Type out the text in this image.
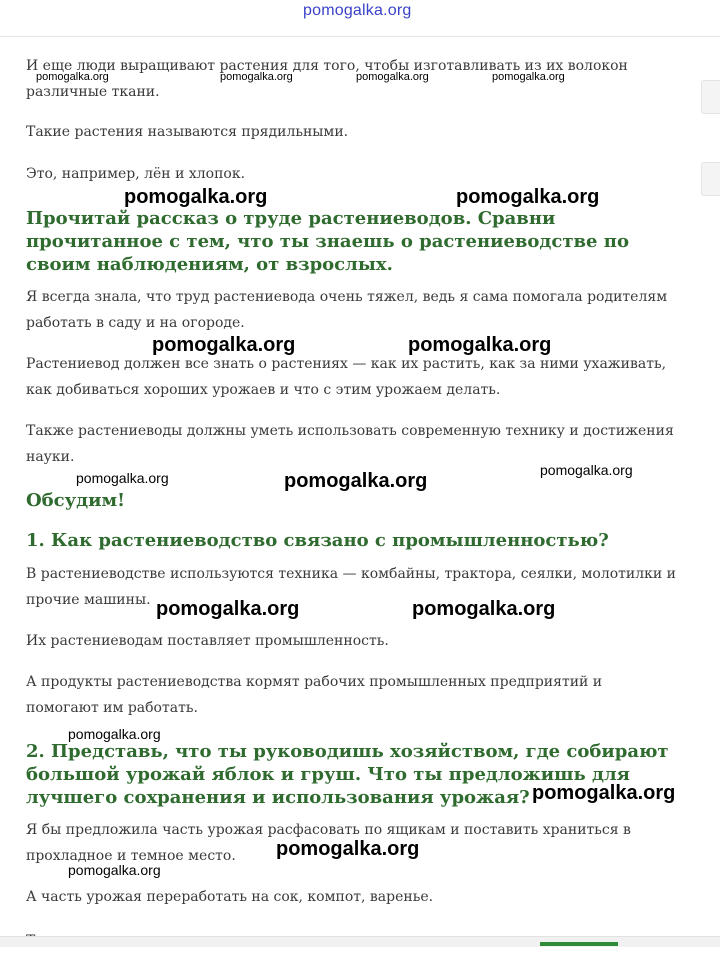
pomogalka.org

И еще люди выращивают растения для того, чтобы изготавливать из их волокон различные ткани.

Такие растения называются прядильными.

Это, например, лён и хлопок.

Прочитай рассказ о труде растениеводов. Сравни прочитанное с тем, что ты знаешь о растениеводстве по своим наблюдениям, от взрослых.

Я всегда знала, что труд растениевода очень тяжел, ведь я сама помогала родителям работать в саду и на огороде.

Растениевод должен все знать о растениях — как их растить, как за ними ухаживать, как добиваться хороших урожаев и что с этим урожаем делать.

Также растениеводы должны уметь использовать современную технику и достижения науки.

Обсудим!
1. Как растениеводство связано с промышленностью?

В растениеводстве используются техника — комбайны, трактора, сеялки, молотилки и прочие машины.

Их растениеводам поставляет промышленность.

А продукты растениеводства кормят рабочих промышленных предприятий и помогают им работать.

2. Представь, что ты руководишь хозяйством, где собирают большой урожай яблок и груш. Что ты предложишь для лучшего сохранения и использования урожая?

Я бы предложила часть урожая расфасовать по ящикам и поставить храниться в прохладное и темное место.

А часть урожая переработать на сок, компот, варенье.

pomogalka.org	pomogalka.org	pomogalka.org	pomogalka.org
pomogalka.org	pomogalka.org
pomogalka.org	pomogalka.org
pomogalka.org	pomogalka.org	pomogalka.org
pomogalka.org	pomogalka.org
pomogalka.org
pomogalka.org
pomogalka.org
pomogalka.org
